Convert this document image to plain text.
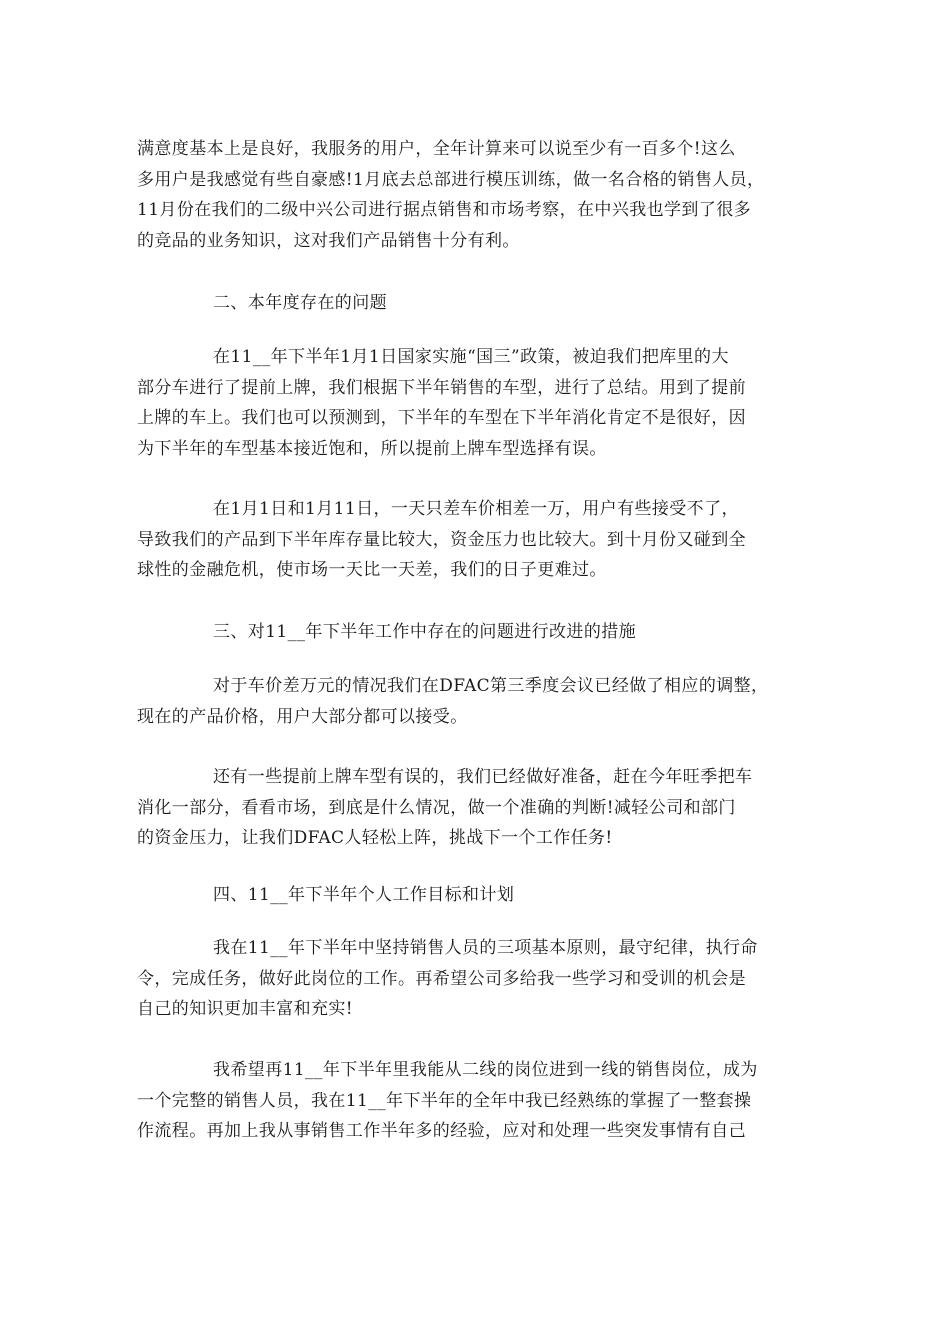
满意度基本上是良好，我服务的用户，全年计算来可以说至少有一百多个!这么
多用户是我感觉有些自豪感!1月底去总部进行模压训练，做一名合格的销售人员，
11月份在我们的二级中兴公司进行据点销售和市场考察，在中兴我也学到了很多
的竞品的业务知识，这对我们产品销售十分有利。
二、本年度存在的问题
在11__年下半年1月1日国家实施“国三”政策，被迫我们把库里的大
部分车进行了提前上牌，我们根据下半年销售的车型，进行了总结。用到了提前
上牌的车上。我们也可以预测到，下半年的车型在下半年消化肯定不是很好，因
为下半年的车型基本接近饱和，所以提前上牌车型选择有误。
在1月1日和1月11日，一天只差车价相差一万，用户有些接受不了，
导致我们的产品到下半年库存量比较大，资金压力也比较大。到十月份又碰到全
球性的金融危机，使市场一天比一天差，我们的日子更难过。
三、对11__年下半年工作中存在的问题进行改进的措施
对于车价差万元的情况我们在DFAC第三季度会议已经做了相应的调整，
现在的产品价格，用户大部分都可以接受。
还有一些提前上牌车型有误的，我们已经做好准备，赶在今年旺季把车
消化一部分，看看市场，到底是什么情况，做一个准确的判断!减轻公司和部门
的资金压力，让我们DFAC人轻松上阵，挑战下一个工作任务!
四、11__年下半年个人工作目标和计划
我在11__年下半年中坚持销售人员的三项基本原则，最守纪律，执行命
令，完成任务，做好此岗位的工作。再希望公司多给我一些学习和受训的机会是
自己的知识更加丰富和充实!
我希望再11__年下半年里我能从二线的岗位进到一线的销售岗位，成为
一个完整的销售人员，我在11__年下半年的全年中我已经熟练的掌握了一整套操
作流程。再加上我从事销售工作半年多的经验，应对和处理一些突发事情有自己
